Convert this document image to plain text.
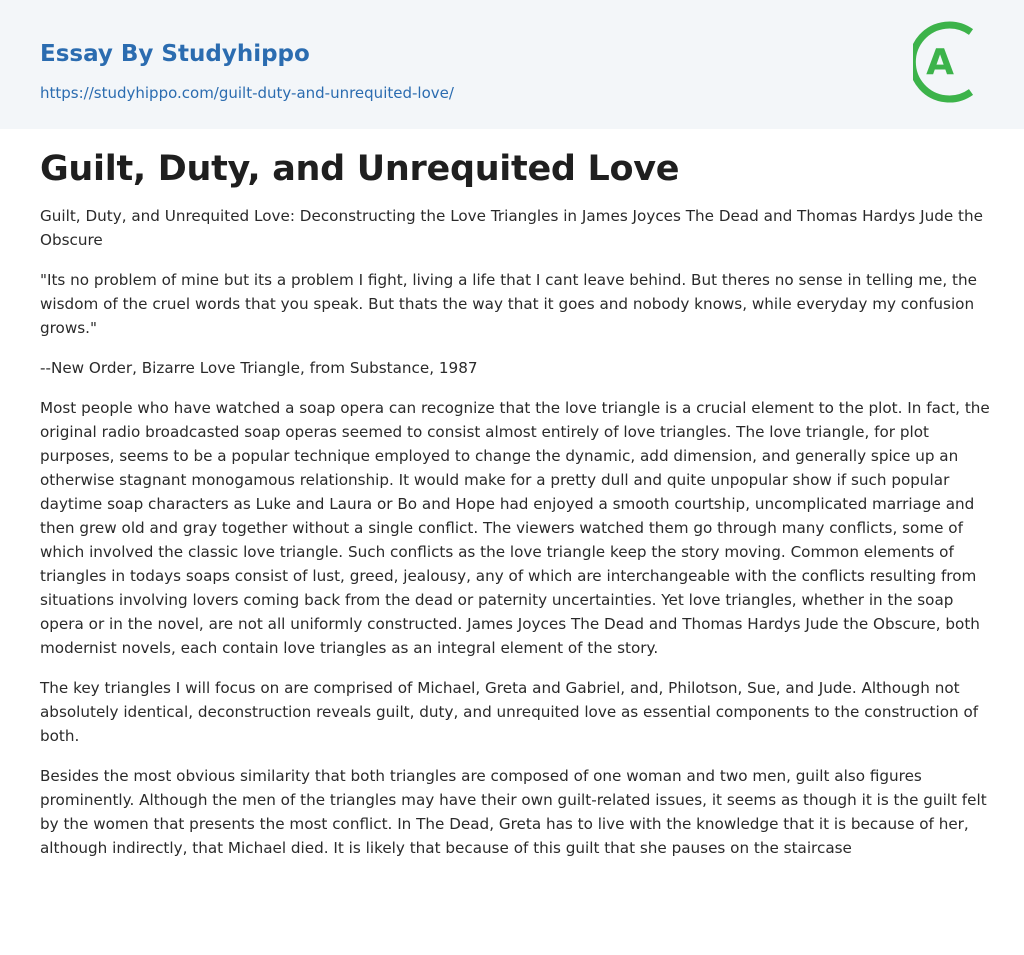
Essay By Studyhippo
https://studyhippo.com/guilt-duty-and-unrequited-love/
A
Guilt, Duty, and Unrequited Love

Guilt, Duty, and Unrequited Love: Deconstructing the Love Triangles in James Joyces The Dead and Thomas Hardys Jude the Obscure

"Its no problem of mine but its a problem I fight, living a life that I cant leave behind. But theres no sense in telling me, the wisdom of the cruel words that you speak. But thats the way that it goes and nobody knows, while everyday my confusion grows."

--New Order, Bizarre Love Triangle, from Substance, 1987

Most people who have watched a soap opera can recognize that the love triangle is a crucial element to the plot. In fact, the original radio broadcasted soap operas seemed to consist almost entirely of love triangles. The love triangle, for plot purposes, seems to be a popular technique employed to change the dynamic, add dimension, and generally spice up an otherwise stagnant monogamous relationship. It would make for a pretty dull and quite unpopular show if such popular daytime soap characters as Luke and Laura or Bo and Hope had enjoyed a smooth courtship, uncomplicated marriage and then grew old and gray together without a single conflict. The viewers watched them go through many conflicts, some of which involved the classic love triangle. Such conflicts as the love triangle keep the story moving. Common elements of triangles in todays soaps consist of lust, greed, jealousy, any of which are interchangeable with the conflicts resulting from situations involving lovers coming back from the dead or paternity uncertainties. Yet love triangles, whether in the soap opera or in the novel, are not all uniformly constructed. James Joyces The Dead and Thomas Hardys Jude the Obscure, both modernist novels, each contain love triangles as an integral element of the story.

The key triangles I will focus on are comprised of Michael, Greta and Gabriel, and, Philotson, Sue, and Jude. Although not absolutely identical, deconstruction reveals guilt, duty, and unrequited love as essential components to the construction of both.

Besides the most obvious similarity that both triangles are composed of one woman and two men, guilt also figures prominently. Although the men of the triangles may have their own guilt-related issues, it seems as though it is the guilt felt by the women that presents the most conflict. In The Dead, Greta has to live with the knowledge that it is because of her, although indirectly, that Michael died. It is likely that because of this guilt that she pauses on the staircase
